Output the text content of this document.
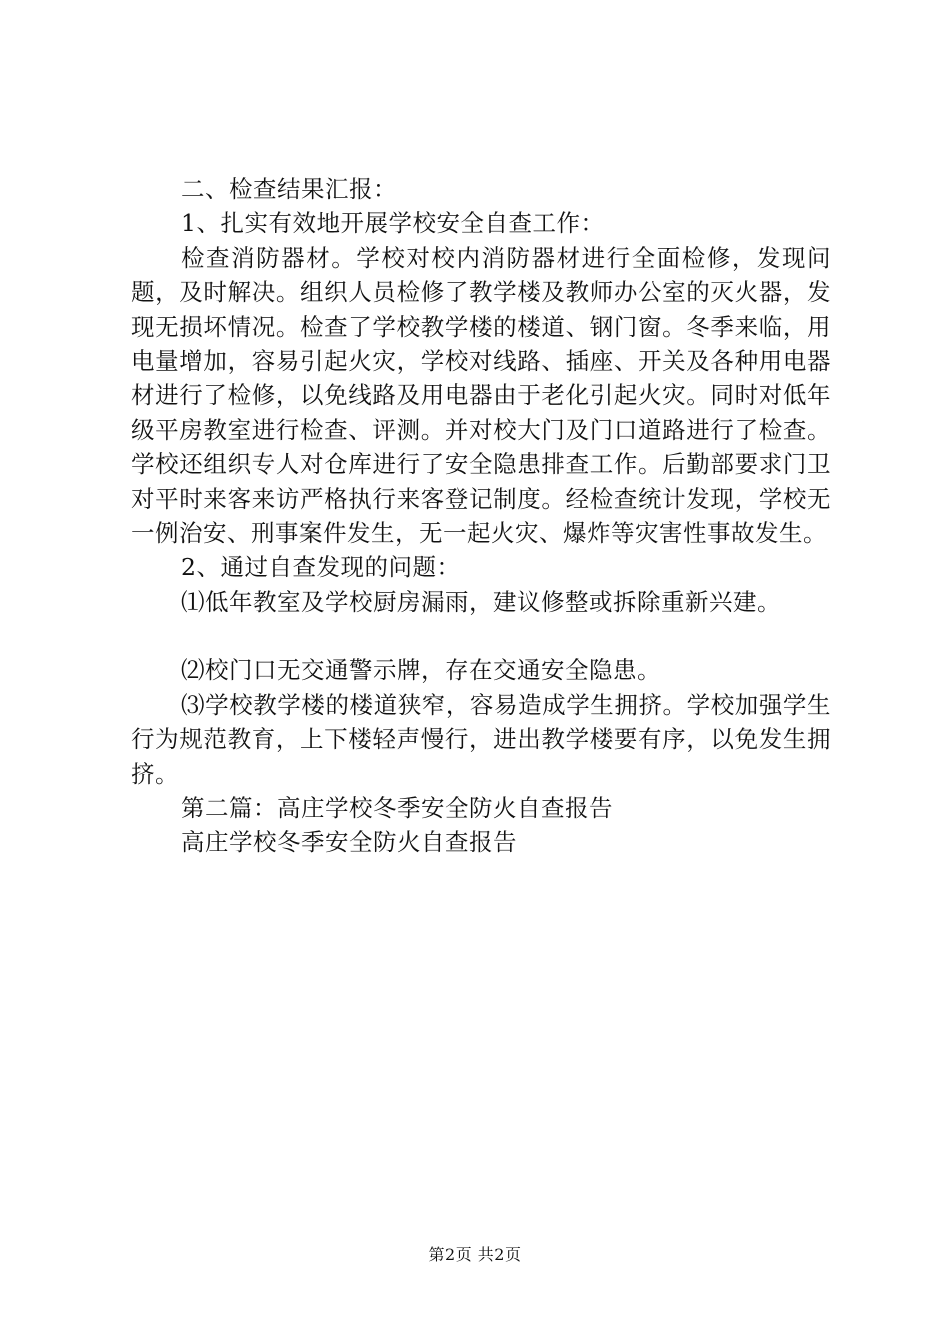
二、检查结果汇报：

1、扎实有效地开展学校安全自查工作：

检查消防器材。学校对校内消防器材进行全面检修，发现问题，及时解决。组织人员检修了教学楼及教师办公室的灭火器，发现无损坏情况。检查了学校教学楼的楼道、钢门窗。冬季来临，用电量增加，容易引起火灾，学校对线路、插座、开关及各种用电器材进行了检修，以免线路及用电器由于老化引起火灾。同时对低年级平房教室进行检查、评测。并对校大门及门口道路进行了检查。学校还组织专人对仓库进行了安全隐患排查工作。后勤部要求门卫对平时来客来访严格执行来客登记制度。经检查统计发现，学校无一例治安、刑事案件发生，无一起火灾、爆炸等灾害性事故发生。

2、通过自查发现的问题：

⑴低年教室及学校厨房漏雨，建议修整或拆除重新兴建。

⑵校门口无交通警示牌，存在交通安全隐患。

⑶学校教学楼的楼道狭窄，容易造成学生拥挤。学校加强学生行为规范教育，上下楼轻声慢行，进出教学楼要有序，以免发生拥挤。

第二篇：高庄学校冬季安全防火自查报告

高庄学校冬季安全防火自查报告

第2页 共2页
